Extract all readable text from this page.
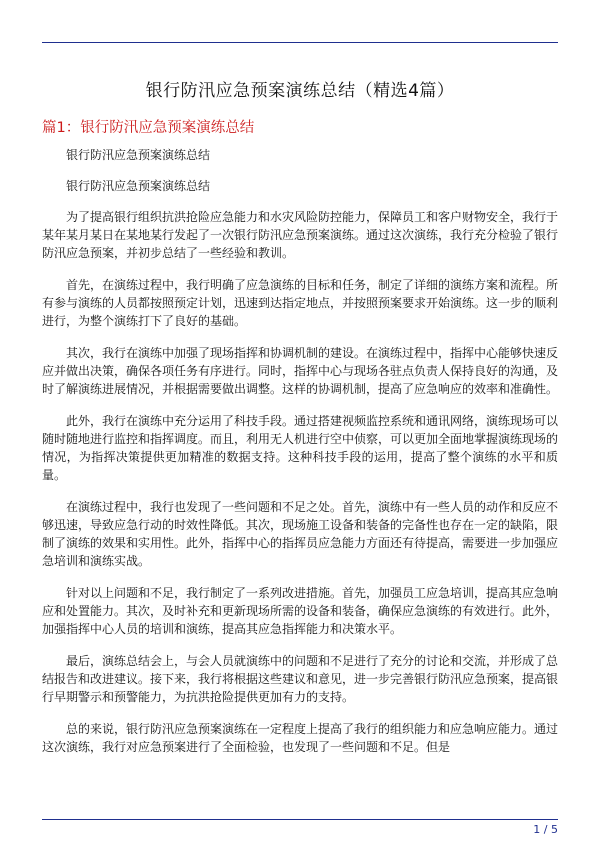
银行防汛应急预案演练总结（精选4篇）
篇1：银行防汛应急预案演练总结

银行防汛应急预案演练总结

银行防汛应急预案演练总结

为了提高银行组织抗洪抢险应急能力和水灾风险防控能力，保障员工和客户财物安全，我行于某年某月某日在某地某行发起了一次银行防汛应急预案演练。通过这次演练，我行充分检验了银行防汛应急预案，并初步总结了一些经验和教训。

首先，在演练过程中，我行明确了应急演练的目标和任务，制定了详细的演练方案和流程。所有参与演练的人员都按照预定计划，迅速到达指定地点，并按照预案要求开始演练。这一步的顺利进行，为整个演练打下了良好的基础。

其次，我行在演练中加强了现场指挥和协调机制的建设。在演练过程中，指挥中心能够快速反应并做出决策，确保各项任务有序进行。同时，指挥中心与现场各驻点负责人保持良好的沟通，及时了解演练进展情况，并根据需要做出调整。这样的协调机制，提高了应急响应的效率和准确性。

此外，我行在演练中充分运用了科技手段。通过搭建视频监控系统和通讯网络，演练现场可以随时随地进行监控和指挥调度。而且，利用无人机进行空中侦察，可以更加全面地掌握演练现场的情况，为指挥决策提供更加精准的数据支持。这种科技手段的运用，提高了整个演练的水平和质量。

在演练过程中，我行也发现了一些问题和不足之处。首先，演练中有一些人员的动作和反应不够迅速，导致应急行动的时效性降低。其次，现场施工设备和装备的完备性也存在一定的缺陷，限制了演练的效果和实用性。此外，指挥中心的指挥员应急能力方面还有待提高，需要进一步加强应急培训和演练实战。

针对以上问题和不足，我行制定了一系列改进措施。首先，加强员工应急培训，提高其应急响应和处置能力。其次，及时补充和更新现场所需的设备和装备，确保应急演练的有效进行。此外，加强指挥中心人员的培训和演练，提高其应急指挥能力和决策水平。

最后，演练总结会上，与会人员就演练中的问题和不足进行了充分的讨论和交流，并形成了总结报告和改进建议。接下来，我行将根据这些建议和意见，进一步完善银行防汛应急预案，提高银行早期警示和预警能力，为抗洪抢险提供更加有力的支持。

总的来说，银行防汛应急预案演练在一定程度上提高了我行的组织能力和应急响应能力。通过这次演练，我行对应急预案进行了全面检验，也发现了一些问题和不足。但是

1 / 5
